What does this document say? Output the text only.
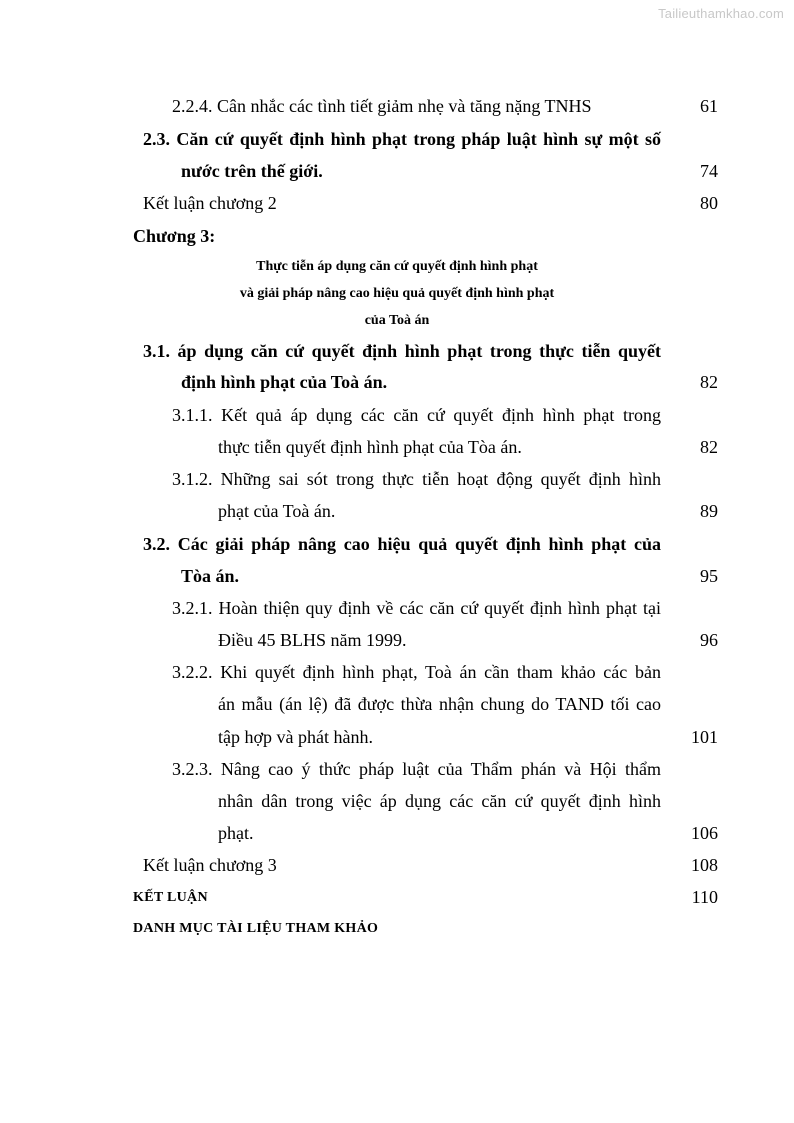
Tailieuthamkhao.com
2.2.4. Cân nhắc các tình tiết giảm nhẹ và tăng nặng TNHS	61
2.3. Căn cứ quyết định hình phạt trong pháp luật hình sự một số
nước trên thế giới.	74
Kết luận chương 2	80
Chương 3:
Thực tiễn áp dụng căn cứ quyết định hình phạt
và giải pháp nâng cao hiệu quả quyết định hình phạt
của Toà án
3.1. áp dụng căn cứ quyết định hình phạt trong thực tiễn quyết
định hình phạt của Toà án.	82
3.1.1. Kết quả áp dụng các căn cứ quyết định hình phạt trong
thực tiễn quyết định hình phạt của Tòa án.	82
3.1.2. Những sai sót trong thực tiễn hoạt động quyết định hình
phạt của Toà án.	89
3.2. Các giải pháp nâng cao hiệu quả quyết định hình phạt của
Tòa án.	95
3.2.1. Hoàn thiện quy định về các căn cứ quyết định hình phạt tại
Điều 45 BLHS năm 1999.	96
3.2.2. Khi quyết định hình phạt, Toà án cần tham khảo các bản
án mẫu (án lệ) đã được thừa nhận chung do TAND tối cao
tập hợp và phát hành.	101
3.2.3. Nâng cao ý thức pháp luật của Thẩm phán và Hội thẩm
nhân dân trong việc áp dụng các căn cứ quyết định hình
phạt.	106
Kết luận chương 3	108
KẾT LUẬN	110
DANH MỤC TÀI LIỆU THAM KHẢO
